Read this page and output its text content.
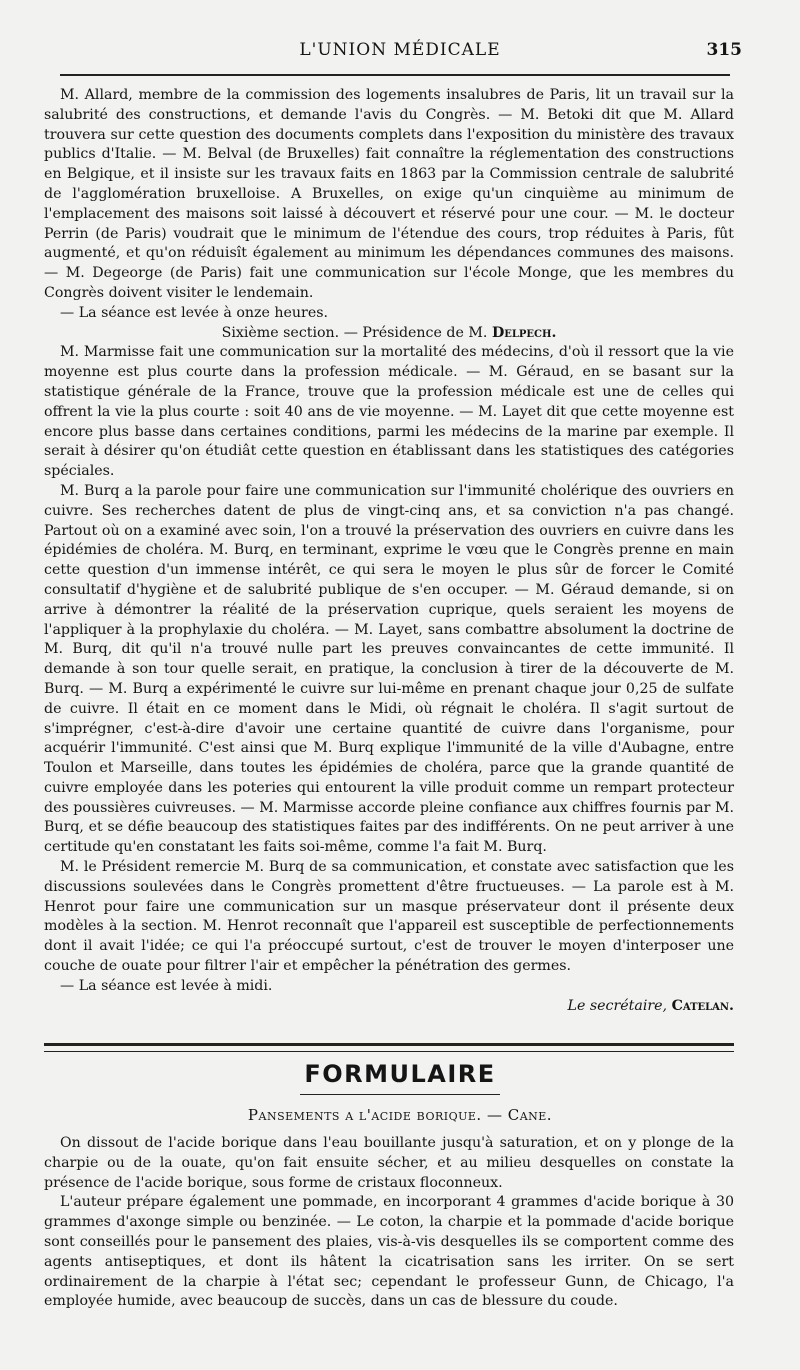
L'UNION MÉDICALE	315

M. Allard, membre de la commission des logements insalubres de Paris, lit un travail sur la salubrité des constructions, et demande l'avis du Congrès. — M. Betoki dit que M. Allard trouvera sur cette question des documents complets dans l'exposition du ministère des travaux publics d'Italie. — M. Belval (de Bruxelles) fait connaître la réglementation des constructions en Belgique, et il insiste sur les travaux faits en 1863 par la Commission centrale de salubrité de l'agglomération bruxelloise. A Bruxelles, on exige qu'un cinquième au minimum de l'emplacement des maisons soit laissé à découvert et réservé pour une cour. — M. le docteur Perrin (de Paris) voudrait que le minimum de l'étendue des cours, trop réduites à Paris, fût augmenté, et qu'on réduisît également au minimum les dépendances communes des maisons. — M. Degeorge (de Paris) fait une communication sur l'école Monge, que les membres du Congrès doivent visiter le lendemain.

— La séance est levée à onze heures.

Sixième section. — Présidence de M. Delpech.

M. Marmisse fait une communication sur la mortalité des médecins, d'où il ressort que la vie moyenne est plus courte dans la profession médicale. — M. Géraud, en se basant sur la statistique générale de la France, trouve que la profession médicale est une de celles qui offrent la vie la plus courte : soit 40 ans de vie moyenne. — M. Layet dit que cette moyenne est encore plus basse dans certaines conditions, parmi les médecins de la marine par exemple. Il serait à désirer qu'on étudiât cette question en établissant dans les statistiques des catégories spéciales.

M. Burq a la parole pour faire une communication sur l'immunité cholérique des ouvriers en cuivre. Ses recherches datent de plus de vingt-cinq ans, et sa conviction n'a pas changé. Partout où on a examiné avec soin, l'on a trouvé la préservation des ouvriers en cuivre dans les épidémies de choléra. M. Burq, en terminant, exprime le vœu que le Congrès prenne en main cette question d'un immense intérêt, ce qui sera le moyen le plus sûr de forcer le Comité consultatif d'hygiène et de salubrité publique de s'en occuper. — M. Géraud demande, si on arrive à démontrer la réalité de la préservation cuprique, quels seraient les moyens de l'appliquer à la prophylaxie du choléra. — M. Layet, sans combattre absolument la doctrine de M. Burq, dit qu'il n'a trouvé nulle part les preuves convaincantes de cette immunité. Il demande à son tour quelle serait, en pratique, la conclusion à tirer de la découverte de M. Burq. — M. Burq a expérimenté le cuivre sur lui-même en prenant chaque jour 0,25 de sulfate de cuivre. Il était en ce moment dans le Midi, où régnait le choléra. Il s'agit surtout de s'imprégner, c'est-à-dire d'avoir une certaine quantité de cuivre dans l'organisme, pour acquérir l'immunité. C'est ainsi que M. Burq explique l'immunité de la ville d'Aubagne, entre Toulon et Marseille, dans toutes les épidémies de choléra, parce que la grande quantité de cuivre employée dans les poteries qui entourent la ville produit comme un rempart protecteur des poussières cuivreuses. — M. Marmisse accorde pleine confiance aux chiffres fournis par M. Burq, et se défie beaucoup des statistiques faites par des indifférents. On ne peut arriver à une certitude qu'en constatant les faits soi-même, comme l'a fait M. Burq.

M. le Président remercie M. Burq de sa communication, et constate avec satisfaction que les discussions soulevées dans le Congrès promettent d'être fructueuses. — La parole est à M. Henrot pour faire une communication sur un masque préservateur dont il présente deux modèles à la section. M. Henrot reconnaît que l'appareil est susceptible de perfectionnements dont il avait l'idée; ce qui l'a préoccupé surtout, c'est de trouver le moyen d'interposer une couche de ouate pour filtrer l'air et empêcher la pénétration des germes.

— La séance est levée à midi.

Le secrétaire, Catelan.

FORMULAIRE
Pansements a l'acide borique. — Cane.

On dissout de l'acide borique dans l'eau bouillante jusqu'à saturation, et on y plonge de la charpie ou de la ouate, qu'on fait ensuite sécher, et au milieu desquelles on constate la présence de l'acide borique, sous forme de cristaux floconneux.

L'auteur prépare également une pommade, en incorporant 4 grammes d'acide borique à 30 grammes d'axonge simple ou benzinée. — Le coton, la charpie et la pommade d'acide borique sont conseillés pour le pansement des plaies, vis-à-vis desquelles ils se comportent comme des agents antiseptiques, et dont ils hâtent la cicatrisation sans les irriter. On se sert ordinairement de la charpie à l'état sec; cependant le professeur Gunn, de Chicago, l'a employée humide, avec beaucoup de succès, dans un cas de blessure du coude.
